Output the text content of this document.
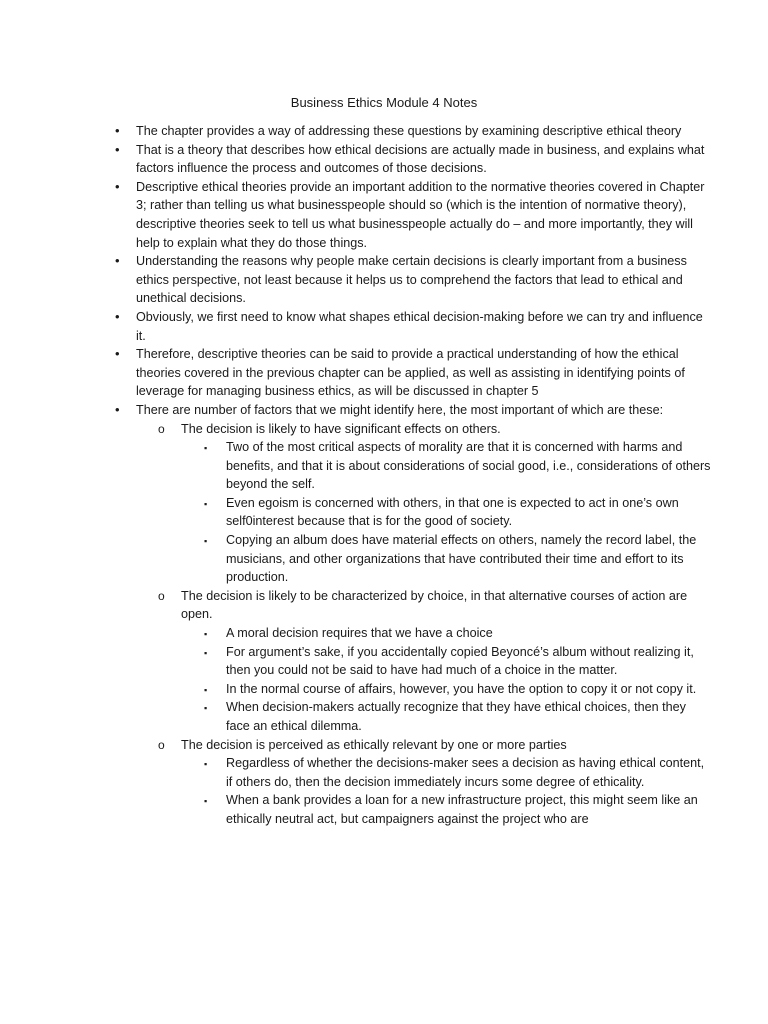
Business Ethics Module 4 Notes
• The chapter provides a way of addressing these questions by examining descriptive ethical theory
• That is a theory that describes how ethical decisions are actually made in business, and explains what factors influence the process and outcomes of those decisions.
• Descriptive ethical theories provide an important addition to the normative theories covered in Chapter 3; rather than telling us what businesspeople should so (which is the intention of normative theory), descriptive theories seek to tell us what businesspeople actually do – and more importantly, they will help to explain what they do those things.
• Understanding the reasons why people make certain decisions is clearly important from a business ethics perspective, not least because it helps us to comprehend the factors that lead to ethical and unethical decisions.
• Obviously, we first need to know what shapes ethical decision-making before we can try and influence it.
• Therefore, descriptive theories can be said to provide a practical understanding of how the ethical theories covered in the previous chapter can be applied, as well as assisting in identifying points of leverage for managing business ethics, as will be discussed in chapter 5
• There are number of factors that we might identify here, the most important of which are these:
o The decision is likely to have significant effects on others.
▪ Two of the most critical aspects of morality are that it is concerned with harms and benefits, and that it is about considerations of social good, i.e., considerations of others beyond the self.
▪ Even egoism is concerned with others, in that one is expected to act in one’s own self0interest because that is for the good of society.
▪ Copying an album does have material effects on others, namely the record label, the musicians, and other organizations that have contributed their time and effort to its production.
o The decision is likely to be characterized by choice, in that alternative courses of action are open.
▪ A moral decision requires that we have a choice
▪ For argument’s sake, if you accidentally copied Beyoncé’s album without realizing it, then you could not be said to have had much of a choice in the matter.
▪ In the normal course of affairs, however, you have the option to copy it or not copy it.
▪ When decision-makers actually recognize that they have ethical choices, then they face an ethical dilemma.
o The decision is perceived as ethically relevant by one or more parties
▪ Regardless of whether the decisions-maker sees a decision as having ethical content, if others do, then the decision immediately incurs some degree of ethicality.
▪ When a bank provides a loan for a new infrastructure project, this might seem like an ethically neutral act, but campaigners against the project who are
